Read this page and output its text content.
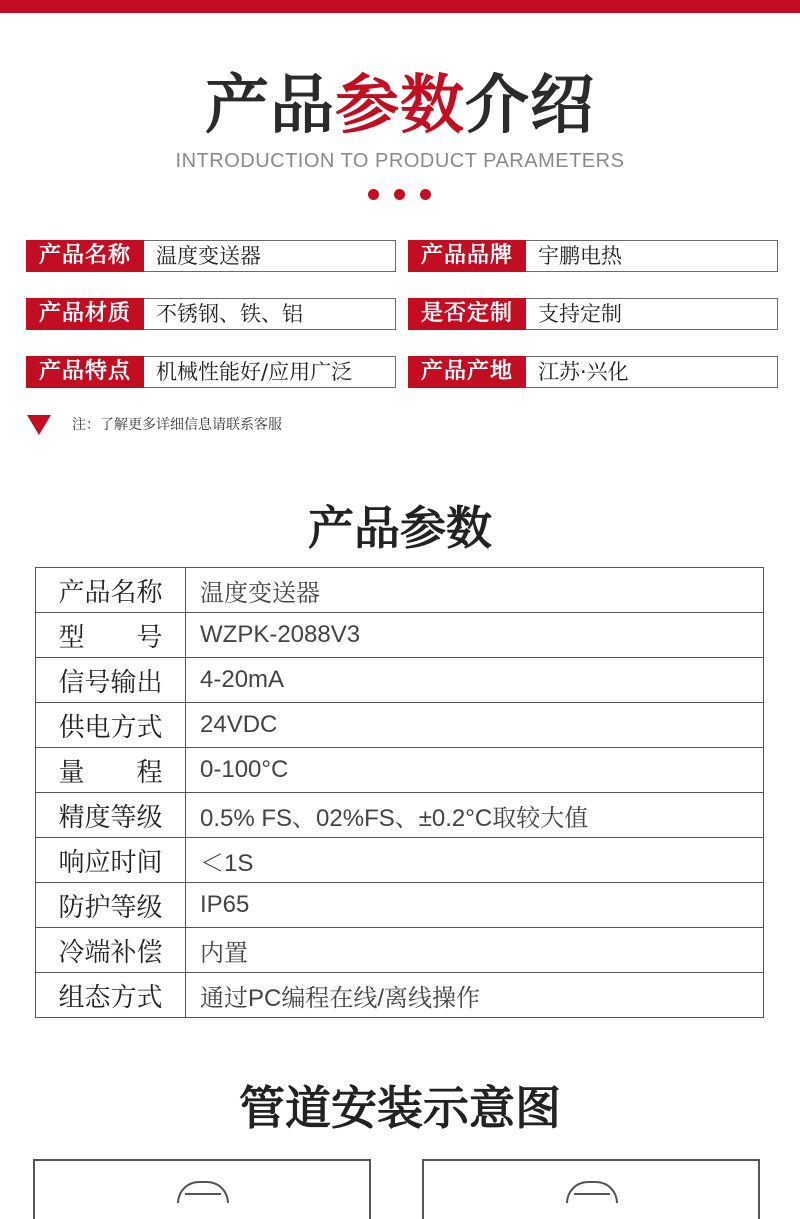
产品参数介绍
INTRODUCTION TO PRODUCT PARAMETERS
产品名称	温度变送器	产品品牌	宇鹏电热
产品材质	不锈钢、铁、铝	是否定制	支持定制
产品特点	机械性能好/应用广泛	产品产地	江苏·兴化
注：了解更多详细信息请联系客服
产品参数
产品名称	温度变送器
型　　号	WZPK-2088V3
信号输出	4-20mA
供电方式	24VDC
量　　程	0-100°C
精度等级	0.5% FS、02%FS、±0.2°C取较大值
响应时间	＜1S
防护等级	IP65
冷端补偿	内置
组态方式	通过PC编程在线/离线操作
管道安装示意图
